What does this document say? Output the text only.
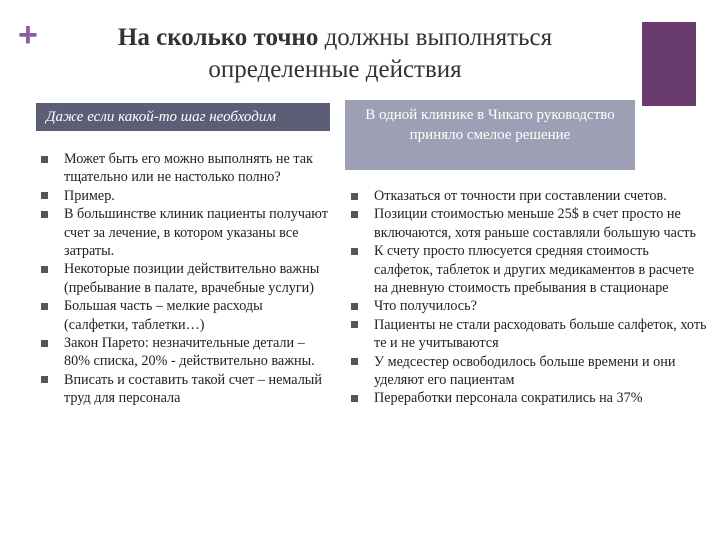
+	На сколько точно должны выполняться определенные действия
Даже если какой-то шаг необходим	В одной клинике в Чикаго руководство приняло смелое решение
Может быть его можно выполнять не так тщательно или не настолько полно?
Пример.
В большинстве клиник пациенты получают счет за лечение, в котором указаны все затраты.
Некоторые позиции действительно важны (пребывание в палате, врачебные услуги)
Большая часть – мелкие расходы (салфетки, таблетки…)
Закон Парето: незначительные детали – 80% списка, 20% - действительно важны.
Вписать и составить такой счет – немалый труд для персонала
Отказаться от точности при составлении счетов.
Позиции стоимостью меньше 25$ в счет просто не включаются, хотя раньше составляли большую часть
К счету просто плюсуется средняя стоимость салфеток, таблеток и других медикаментов в расчете на дневную стоимость пребывания в стационаре
Что получилось?
Пациенты не стали расходовать больше салфеток, хоть те и не учитываются
У медсестер освободилось больше времени и они уделяют его пациентам
Переработки персонала сократились на 37%
